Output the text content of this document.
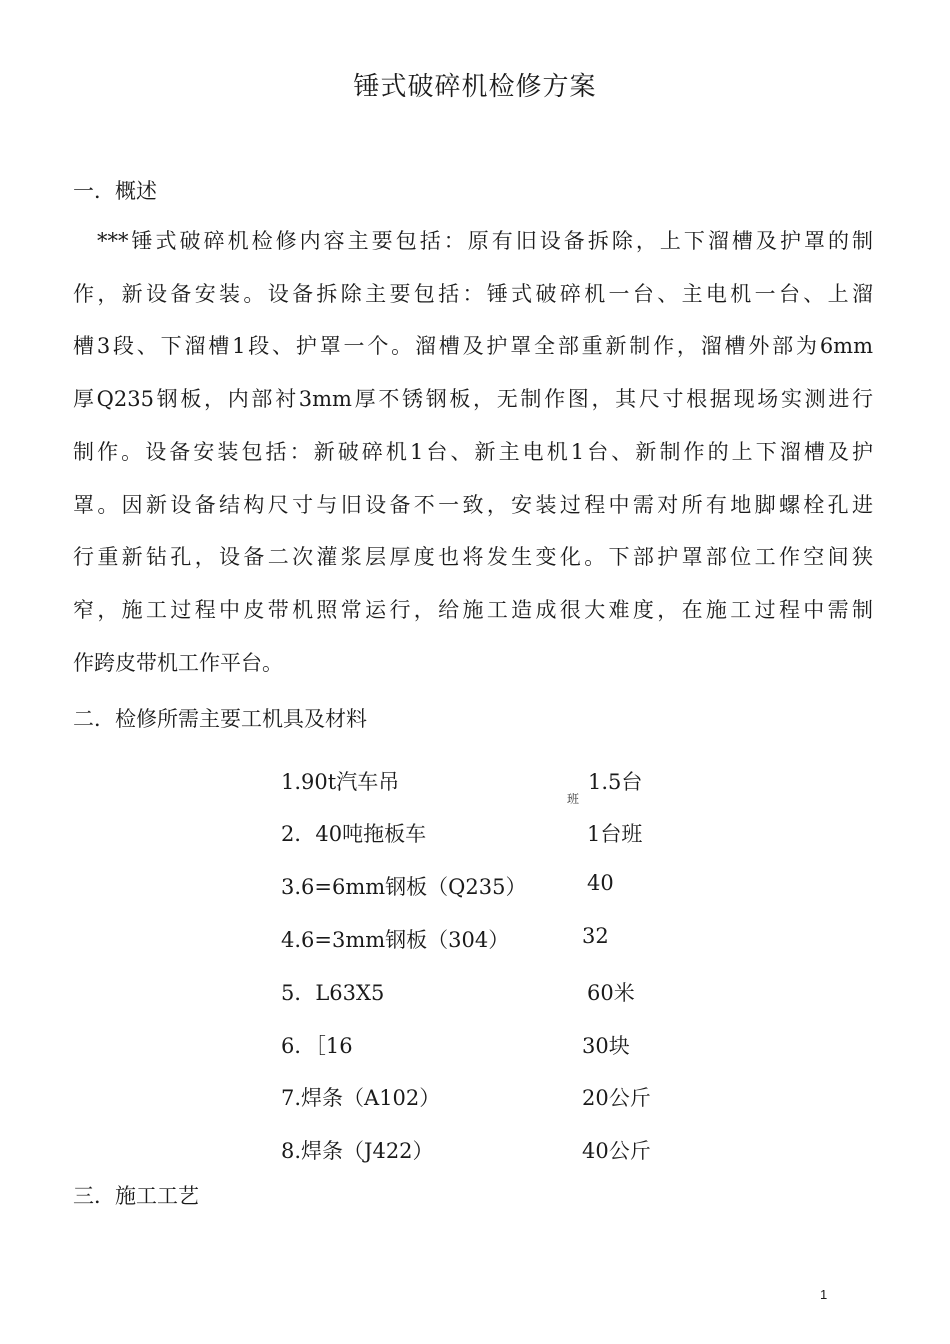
锤式破碎机检修方案
一．概述
***锤式破碎机检修内容主要包括：原有旧设备拆除，上下溜槽及护罩的制
作，新设备安装。设备拆除主要包括：锤式破碎机一台、主电机一台、上溜
槽3段、下溜槽1段、护罩一个。溜槽及护罩全部重新制作，溜槽外部为6mm
厚Q235钢板，内部衬3mm厚不锈钢板，无制作图，其尺寸根据现场实测进行
制作。设备安装包括：新破碎机1台、新主电机1台、新制作的上下溜槽及护
罩。因新设备结构尺寸与旧设备不一致，安装过程中需对所有地脚螺栓孔进
行重新钻孔，设备二次灌浆层厚度也将发生变化。下部护罩部位工作空间狭
窄，施工过程中皮带机照常运行，给施工造成很大难度，在施工过程中需制
作跨皮带机工作平台。
二．检修所需主要工机具及材料
1.90t汽车吊	1.5台
班
2．40吨拖板车	1台班
3.6=6mm钢板（Q235）	40
4.6=3mm钢板（304）	32
5．L63X5	60米
6．［16	30块
7.焊条（A102）	20公斤
8.焊条（J422）	40公斤
三．施工工艺
1
